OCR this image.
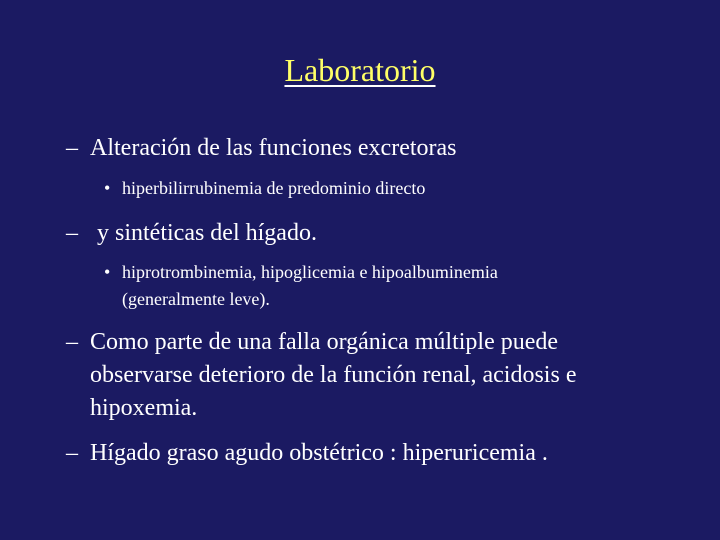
Laboratorio
– Alteración de las funciones excretoras
• hiperbilirrubinemia de predominio directo
– y sintéticas del hígado.
• hiprotrombinemia, hipoglicemia e hipoalbuminemia
(generalmente leve).
– Como parte de una falla orgánica múltiple puede
observarse deterioro de la función renal, acidosis e
hipoxemia.
– Hígado graso agudo obstétrico : hiperuricemia .
